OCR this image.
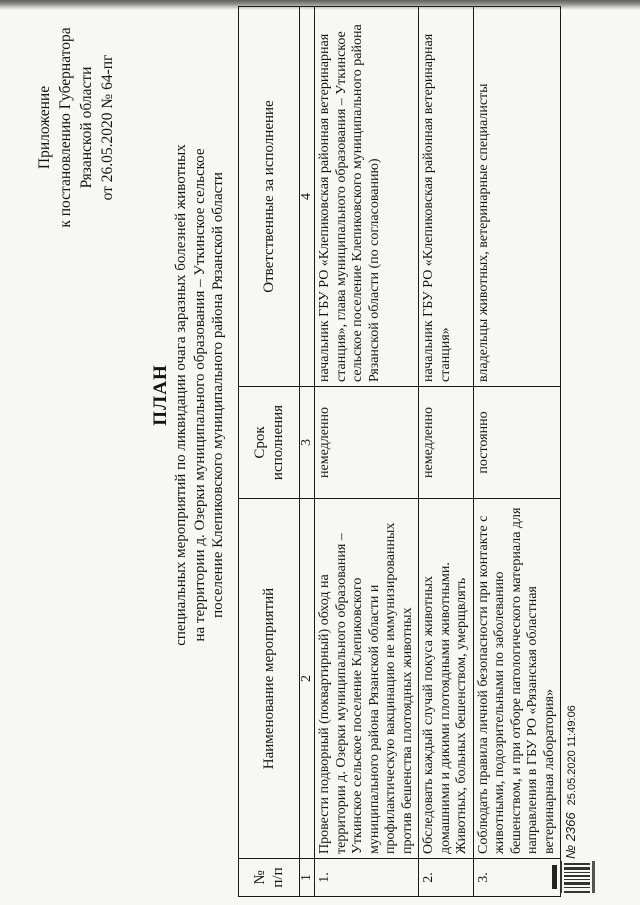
Приложение к постановлению Губернатора Рязанской области от 26.05.2020 № 64-пг
ПЛАН специальных мероприятий по ликвидации очага заразных болезней животных на территории д. Озерки муниципального образования – Уткинское сельское поселение Клепиковского муниципального района Рязанской области
№ п/п	Наименование мероприятий	Срок исполнения	Ответственные за исполнение
1	2	3	4
1.	Провести подворный (поквартирный) обход на территории д. Озерки муниципального образования – Уткинское сельское поселение Клепиковского муниципального района Рязанской области и профилактическую вакцинацию не иммунизированных против бешенства плотоядных животных	немедленно	начальник ГБУ РО «Клепиковская районная ветеринарная станция», глава муниципального образования – Уткинское сельское поселение Клепиковского муниципального района Рязанской области (по согласованию)
2.	Обследовать каждый случай покуса животных домашними и дикими плотоядными животными. Животных, больных бешенством, умерщвлять	немедленно	начальник ГБУ РО «Клепиковская районная ветеринарная станция»
3.	Соблюдать правила личной безопасности при контакте с животными, подозрительными по заболеванию бешенством, и при отборе патологического материала для направления в ГБУ РО «Рязанская областная ветеринарная лаборатория»	постоянно	владельцы животных, ветеринарные специалисты
№ 2366 25.05.2020 11:49:06
